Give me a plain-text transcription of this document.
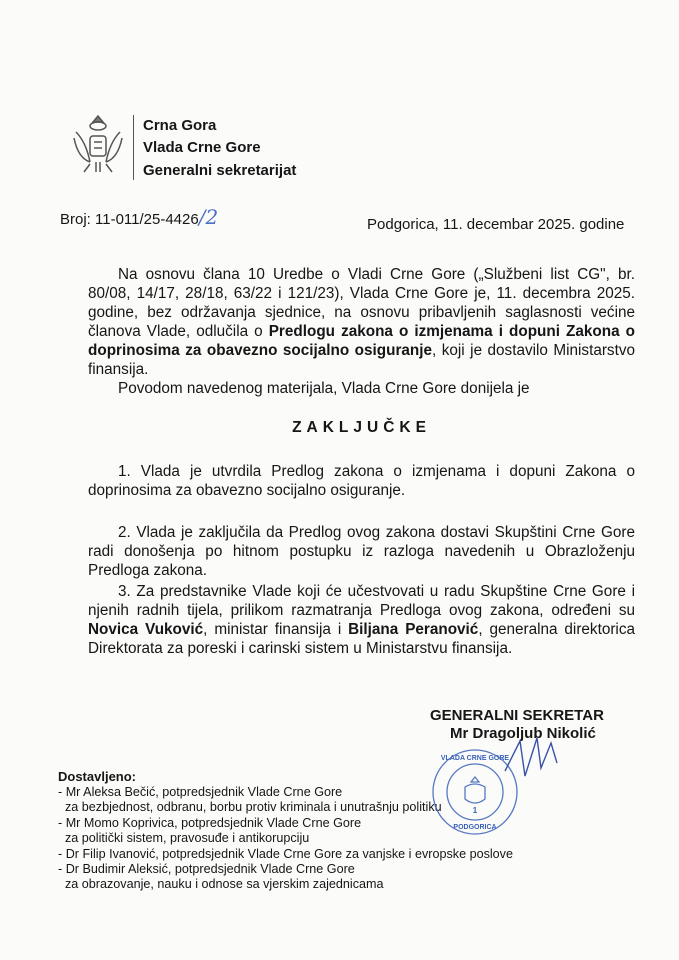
Crna Gora
Vlada Crne Gore
Generalni sekretarijat
Broj: 11-011/25-4426/2	Podgorica, 11. decembar 2025. godine

Na osnovu člana 10 Uredbe o Vladi Crne Gore („Službeni list CG", br. 80/08, 14/17, 28/18, 63/22 i 121/23), Vlada Crne Gore je, 11. decembra 2025. godine, bez održavanja sjednice, na osnovu pribavljenih saglasnosti većine članova Vlade, odlučila o Predlogu zakona o izmjenama i dopuni Zakona o doprinosima za obavezno socijalno osiguranje, koji je dostavilo Ministarstvo finansija.

Povodom navedenog materijala, Vlada Crne Gore donijela je

ZAKLJUČKE

1. Vlada je utvrdila Predlog zakona o izmjenama i dopuni Zakona o doprinosima za obavezno socijalno osiguranje.

2. Vlada je zaključila da Predlog ovog zakona dostavi Skupštini Crne Gore radi donošenja po hitnom postupku iz razloga navedenih u Obrazloženju Predloga zakona.

3. Za predstavnike Vlade koji će učestvovati u radu Skupštine Crne Gore i njenih radnih tijela, prilikom razmatranja Predloga ovog zakona, određeni su Novica Vuković, ministar finansija i Biljana Peranović, generalna direktorica Direktorata za poreski i carinski sistem u Ministarstvu finansija.

GENERALNI SEKRETAR
Mr Dragoljub Nikolić
VLADA CRNE GORE
1
PODGORICA
Dostavljeno:
- Mr Aleksa Bečić, potpredsjednik Vlade Crne Gore
za bezbjednost, odbranu, borbu protiv kriminala i unutrašnju politiku
- Mr Momo Koprivica, potpredsjednik Vlade Crne Gore
za politički sistem, pravosuđe i antikorupciju
- Dr Filip Ivanović, potpredsjednik Vlade Crne Gore za vanjske i evropske poslove
- Dr Budimir Aleksić, potpredsjednik Vlade Crne Gore
za obrazovanje, nauku i odnose sa vjerskim zajednicama
